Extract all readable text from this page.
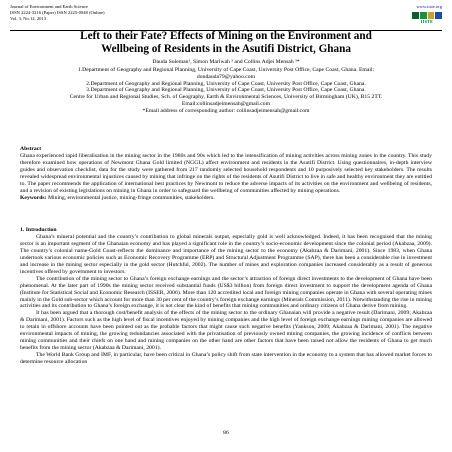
Journal of Environment and Earth Science
ISSN 2224-3216 (Paper) ISSN 2225-0948 (Online)
Vol. 3, No.12, 2013
www.iiste.org
IISTE
Left to their Fate? Effects of Mining on the Environment and
Wellbeing of Residents in the Asutifi District, Ghana
Dauda Suleman¹, Simon Mariwah ² and Collins Adjei Mensah ³*

1.Department of Geography and Regional Planning, University of Cape Coast, University Post Office, Cape Coast, Ghana. Email: dondauda79@yahoo.com

2.Department of Geography and Regional Planning, University of Cape Coast, University Post Office, Cape Coast, Ghana.

3.Department of Geography and Regional Planning, University of Cape Coast, University Post Office, Cape Coast, Ghana.

Centre for Urban and Regional Studies, Sch. of Geography, Earth & Environmental Sciences, University of Birmingham (UK), B15 2TT. Email:collinsadjeimensah@gmail.com

*Email address of corresponding author: collinsadjeimensah@gmail.com

Abstract

Ghana experienced rapid liberalisation in the mining sector in the 1980s and 90s which led to the intensification of mining activities across mining zones in the country. This study therefore examined how operations of Newmont Ghana Gold limited (NGGL) affect environment and residents in the Asutifi District. Using questionnaires, in-depth interview guides and observation checklist, data for the study were gathered from 217 randomly selected household respondents and 10 purposively selected key stakeholders. The results revealed widespread environmental injustices caused by mining that infringe on the rights of the residents of Asutifi District to live in safe and healthy environment they are entitled to. The paper recommends the application of international best practices by Newmont to reduce the adverse impacts of its activities on the environment and wellbeing of residents, and a revision of existing legislations on mining in Ghana in order to safeguard the wellbeing of communities affected by mining operations.

Keywords: Mining, environmental justice, mining-fringe communities, stakeholders.

1. Introduction

Ghana’s mineral potential and the country’s contribution to global minerals output, especially gold is well acknowledged. Indeed, it has been recognised that the mining sector is an important segment of the Ghanaian economy and has played a significant role in the country’s socio-economic development since the colonial period (Akabzaa, 2009). The country’s colonial name-Gold Coast-reflects the dominance and importance of the mining sector to the economy (Akabzaa & Darimani, 2001). Since 1983, when Ghana undertook various economic policies such as Economic Recovery Programme (ERP) and Structural Adjustment Programme (SAP), there has been a considerable rise in investment and increase in the mining sector especially in the gold sector (Hutchful, 2002). The number of mines and exploration companies increased considerably as a result of generous incentives offered by government to investors.

The contribution of the mining sector to Ghana’s foreign exchange earnings and the sector’s attraction of foreign direct investments to the development of Ghana have been phenomenal. At the later part of 1990s the mining sector received substantial funds (US$3 billion) from foreign direct investment to support the development agenda of Ghana (Institute for Statistical Social and Economic Research (ISSER, 2006). More than 120 accredited local and foreign mining companies operate in Ghana with several operating mines mainly in the Gold sub-sector which account for more than 30 per cent of the country’s foreign exchange earnings (Minerals Commission, 2011). Notwithstanding the rise in mining activities and its contribution to Ghana’s foreign exchange, it is not clear the kind of benefits that mining communities and ordinary citizens of Ghana derive from mining.

It has been argued that a thorough cost/benefit analysis of the effects of the mining sector to the ordinary Ghanaian will provide a negative result (Darimani, 2009; Akabzaa & Darimani, 2001). Factors such as the high level of fiscal incentives enjoyed by mining companies and the high level of foreign exchange earnings mining companies are allowed to retain in offshore accounts have been pointed out as the probable factors that might cause such negative benefits (Yankson, 2009; Akabzaa & Darimani, 2001). The negative environmental impacts of mining, the growing redundancies associated with the privatisation of previously owned mining companies, the growing incidence of conflicts between mining communities and their chiefs on one hand and mining companies on the other hand are other factors that have been raised not allow the residents of Ghana to get much benefits from the mining sector (Akabzaa & Darimani, 2001).

The World Bank Group and IMF, in particular, have been critical in Ghana’s policy shift from state intervention in the economy to a system that has allowed market forces to determine resource allocation

86
